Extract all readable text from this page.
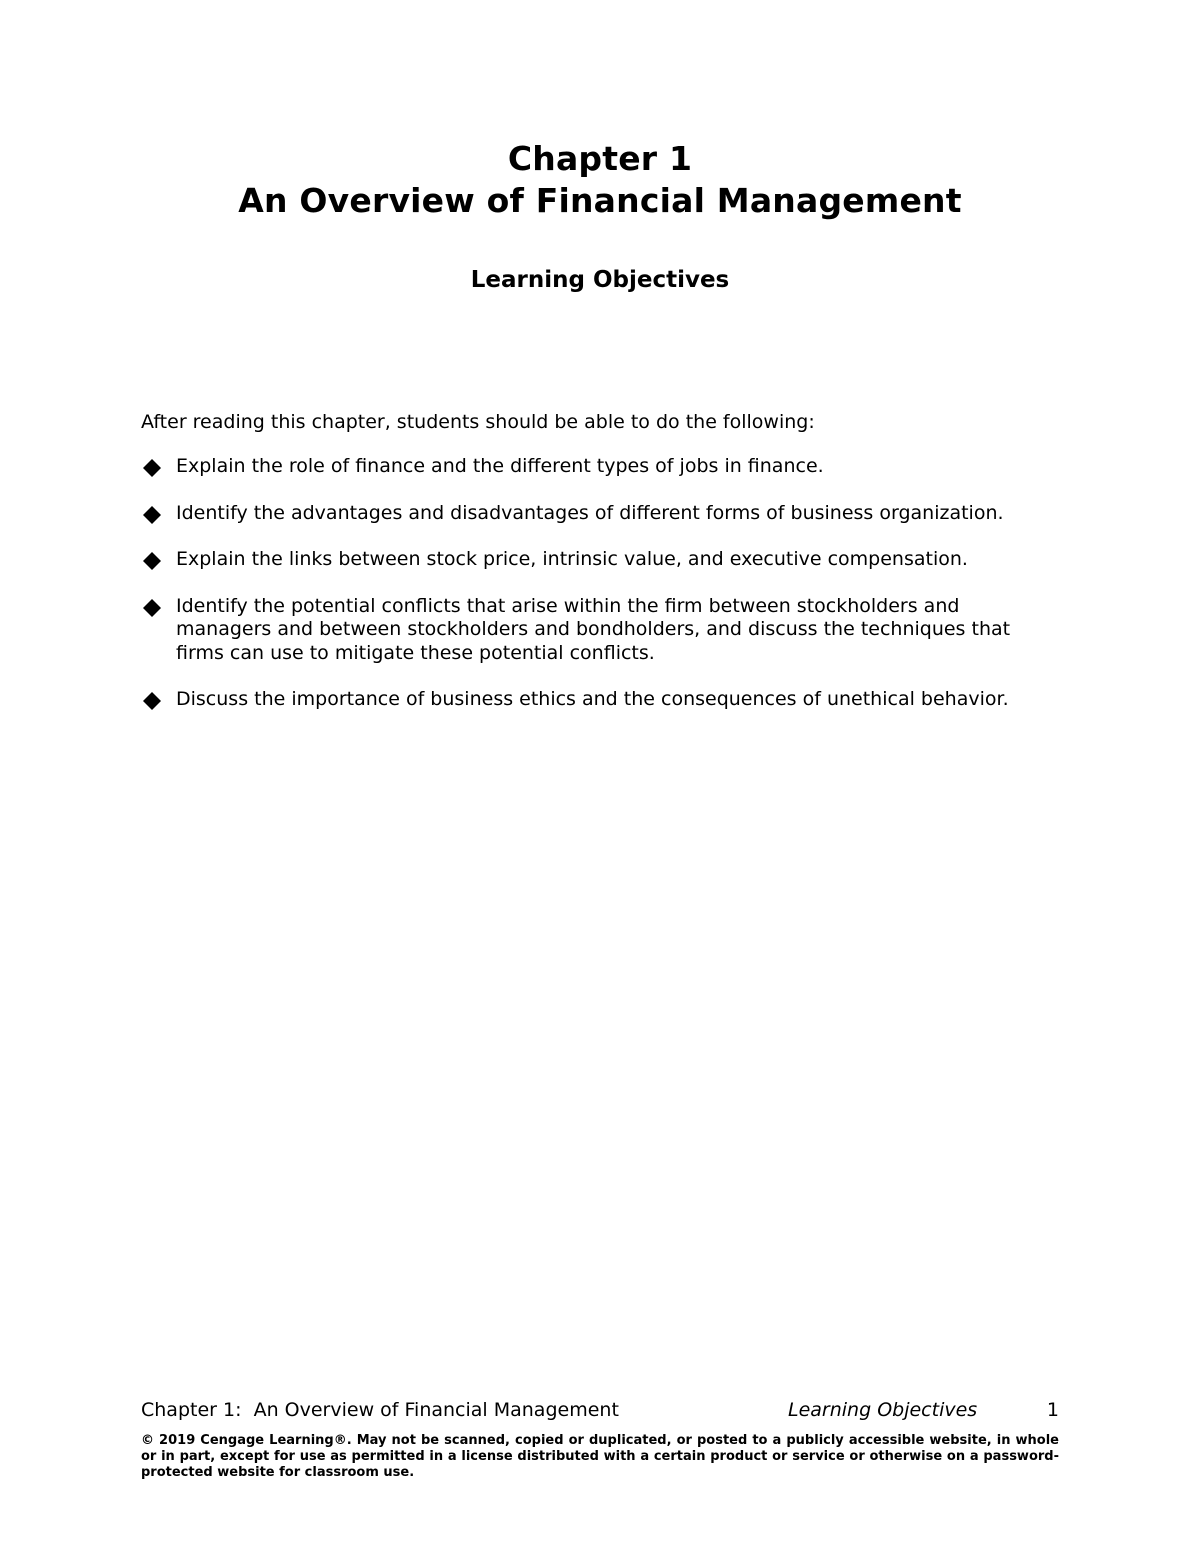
Chapter 1
An Overview of Financial Management
Learning Objectives
After reading this chapter, students should be able to do the following:
Explain the role of finance and the different types of jobs in finance.
Identify the advantages and disadvantages of different forms of business organization.
Explain the links between stock price, intrinsic value, and executive compensation.
Identify the potential conflicts that arise within the firm between stockholders and managers and between stockholders and bondholders, and discuss the techniques that firms can use to mitigate these potential conflicts.
Discuss the importance of business ethics and the consequences of unethical behavior.
Chapter 1:  An Overview of Financial Management	Learning Objectives	1
© 2019 Cengage Learning®. May not be scanned, copied or duplicated, or posted to a publicly accessible website, in whole or in part, except for use as permitted in a license distributed with a certain product or service or otherwise on a password-protected website for classroom use.
